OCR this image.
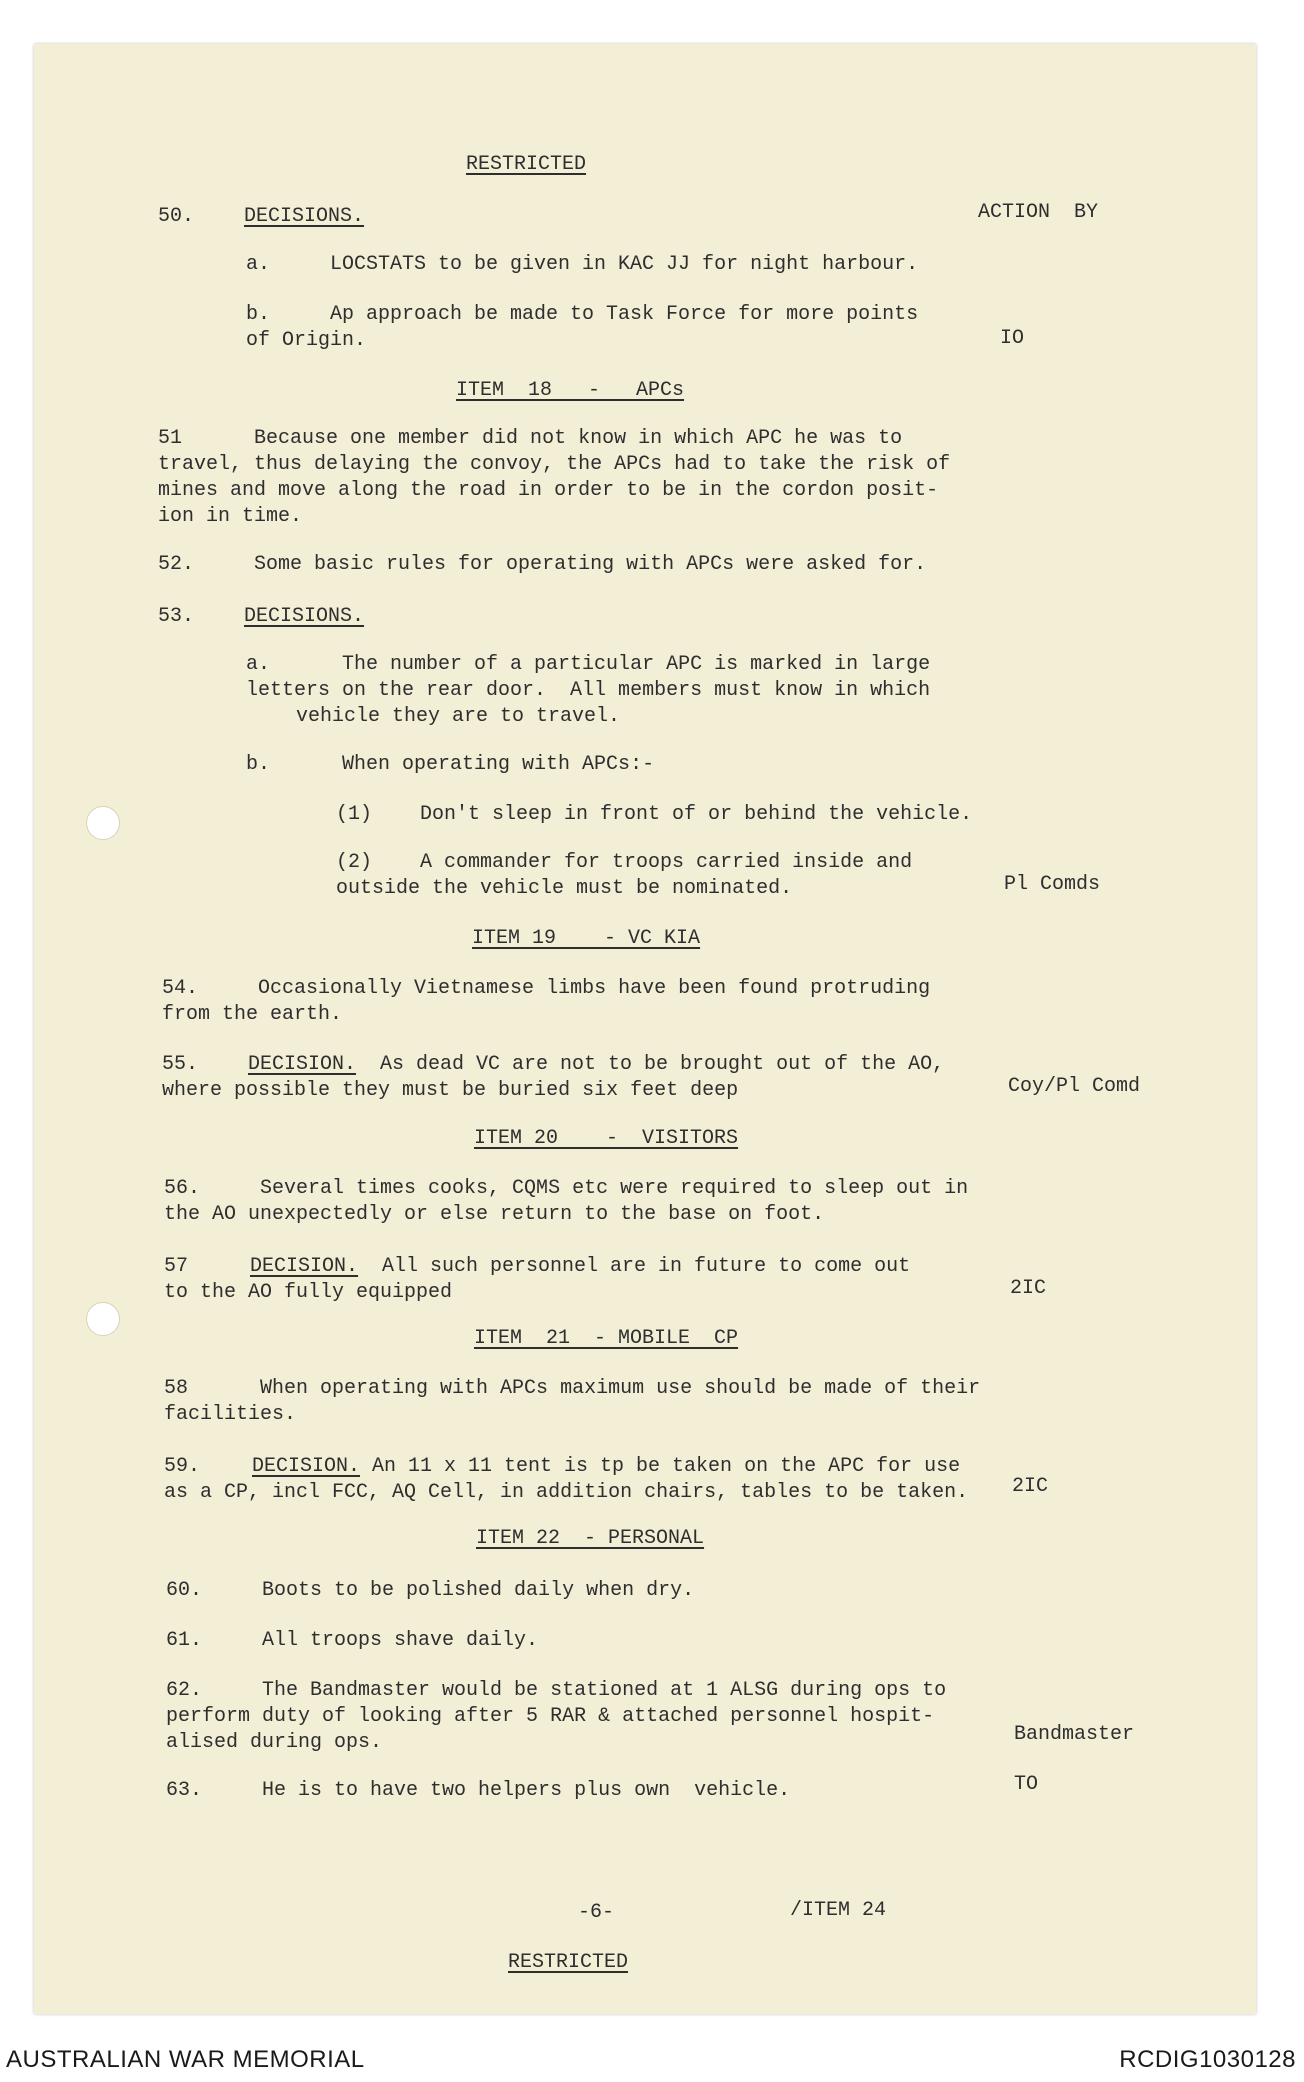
RESTRICTED
ACTION  BY
50. DECISIONS.
a.	LOCSTATS to be given in KAC JJ for night harbour.
b.	Ap approach be made to Task Force for more points
of Origin.	IO
ITEM  18   -   APCs
51      Because one member did not know in which APC he was to
travel, thus delaying the convoy, the APCs had to take the risk of
mines and move along the road in order to be in the cordon posit-
ion in time.
52.     Some basic rules for operating with APCs were asked for.
53. DECISIONS.
a.      The number of a particular APC is marked in large
letters on the rear door.  All members must know in which
vehicle they are to travel.
b.      When operating with APCs:-
(1)    Don't sleep in front of or behind the vehicle.
(2)    A commander for troops carried inside and
outside the vehicle must be nominated.	Pl Comds
ITEM 19    - VC KIA
54.     Occasionally Vietnamese limbs have been found protruding
from the earth.
55. DECISION. As dead VC are not to be brought out of the AO,
where possible they must be buried six feet deep	Coy/Pl Comd
ITEM 20    -  VISITORS
56.     Several times cooks, CQMS etc were required to sleep out in
the AO unexpectedly or else return to the base on foot.
57	DECISION. All such personnel are in future to come out
to the AO fully equipped	2IC
ITEM  21  - MOBILE  CP
58      When operating with APCs maximum use should be made of their
facilities.
59.	DECISION. An 11 x 11 tent is tp be taken on the APC for use
as a CP, incl FCC, AQ Cell, in addition chairs, tables to be taken. 2IC
ITEM 22  - PERSONAL
60.     Boots to be polished daily when dry.
61.     All troops shave daily.
62.     The Bandmaster would be stationed at 1 ALSG during ops to
perform duty of looking after 5 RAR & attached personnel hospit-
alised during ops.	Bandmaster
63.     He is to have two helpers plus own  vehicle.	TO
-6-	/ITEM 24
RESTRICTED
AUSTRALIAN WAR MEMORIAL	RCDIG1030128
